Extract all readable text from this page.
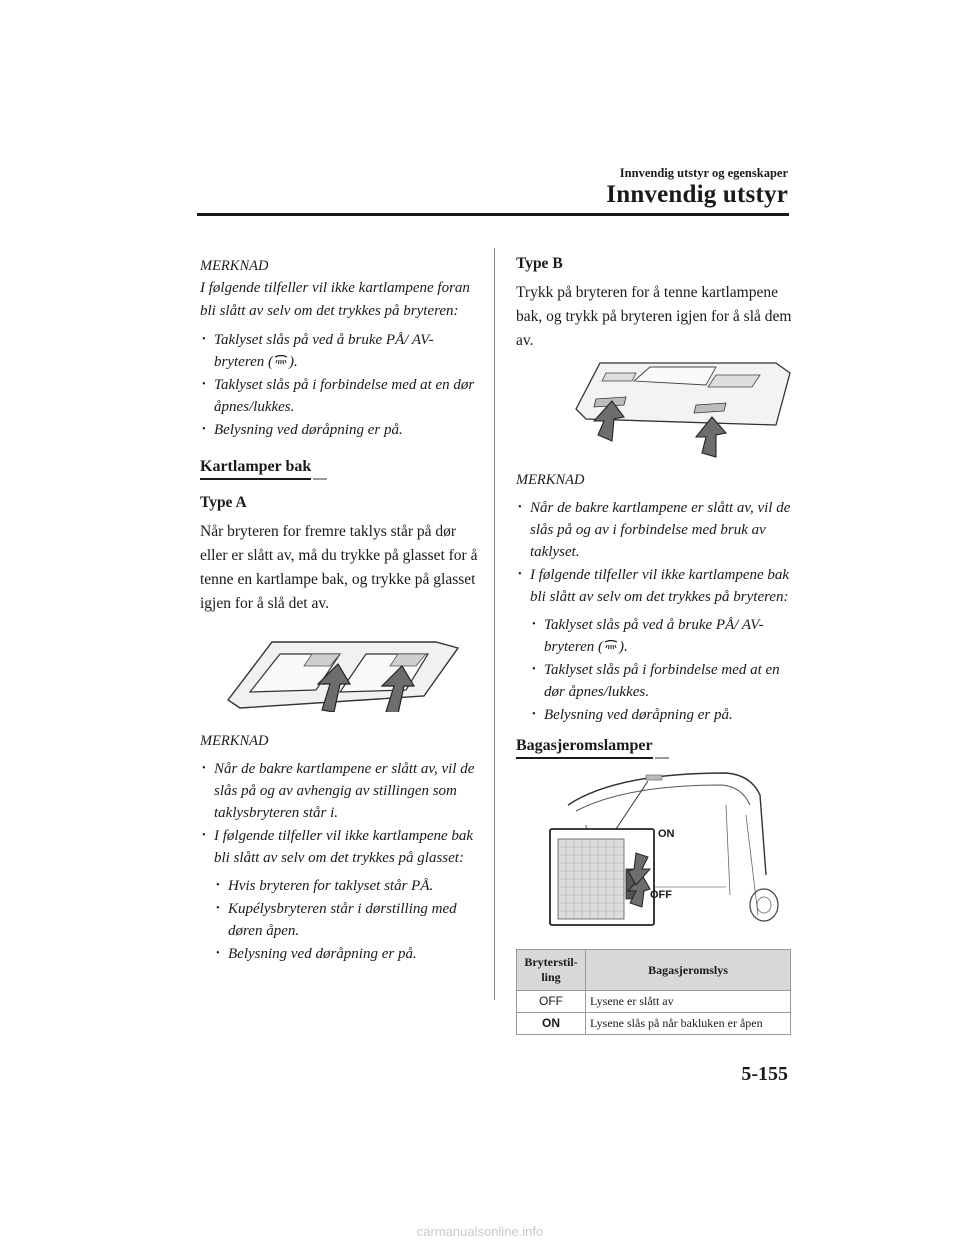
Innvendig utstyr og egenskaper
Innvendig utstyr
MERKNAD
I følgende tilfeller vil ikke kartlampene foran bli slått av selv om det trykkes på bryteren:
• Taklyset slås på ved å bruke PÅ/ AV-bryteren ( ).
• Taklyset slås på i forbindelse med at en dør åpnes/lukkes.
• Belysning ved døråpning er på.
Kartlamper bak
Type A
Når bryteren for fremre taklys står på dør eller er slått av, må du trykke på glasset for å tenne en kartlampe bak, og trykke på glasset igjen for å slå det av.
MERKNAD
• Når de bakre kartlampene er slått av, vil de slås på og av avhengig av stillingen som taklysbryteren står i.
• I følgende tilfeller vil ikke kartlampene bak bli slått av selv om det trykkes på glasset:
• Hvis bryteren for taklyset står PÅ.
• Kupélysbryteren står i dørstilling med døren åpen.
• Belysning ved døråpning er på.
Type B
Trykk på bryteren for å tenne kartlampene bak, og trykk på bryteren igjen for å slå dem av.
MERKNAD
• Når de bakre kartlampene er slått av, vil de slås på og av i forbindelse med bruk av taklyset.
• I følgende tilfeller vil ikke kartlampene bak bli slått av selv om det trykkes på bryteren:
• Taklyset slås på ved å bruke PÅ/ AV-bryteren ( ).
• Taklyset slås på i forbindelse med at en dør åpnes/lukkes.
• Belysning ved døråpning er på.
Bagasjeromslamper
ON
OFF
Bryterstil-ling	Bagasjeromslys
OFF	Lysene er slått av
ON	Lysene slås på når bakluken er åpen
5-155
carmanualsonline.info
